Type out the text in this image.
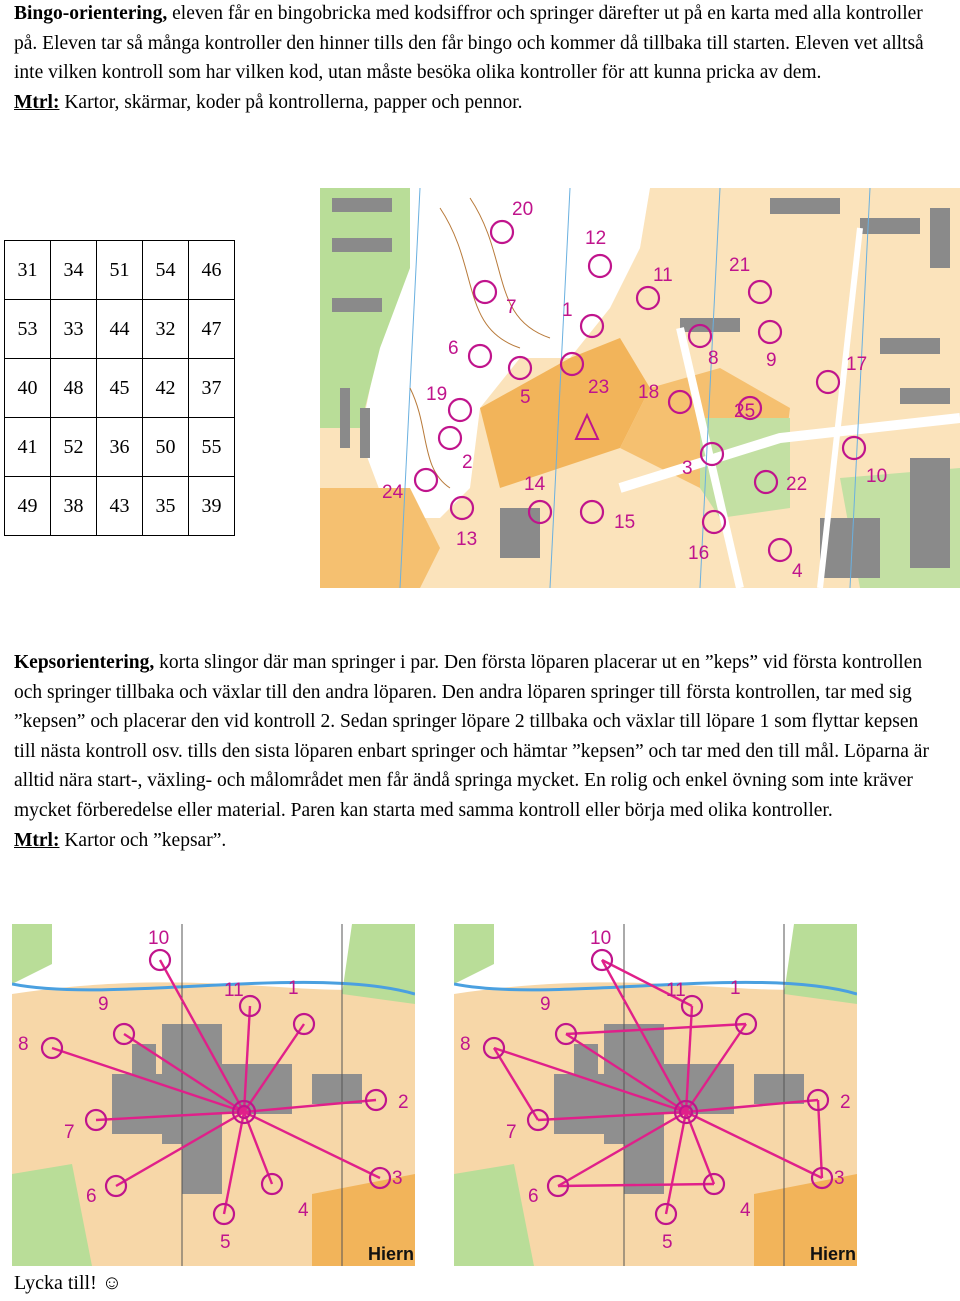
Bingo-orientering, eleven får en bingobricka med kodsiffror och springer därefter ut på en karta med alla kontroller på. Eleven tar så många kontroller den hinner tills den får bingo och kommer då tillbaka till starten. Eleven vet alltså inte vilken kontroll som har vilken kod, utan måste besöka olika kontroller för att kunna pricka av dem.
Mtrl: Kartor, skärmar, koder på kontrollerna, papper och pennor.

31	34	51	54	46
53	33	44	32	47
40	48	45	42	37
41	52	36	50	55
49	38	43	35	39
20
12
11	21
7 1
6	8 9	17
19	5	23 18
25
2	3
24	14	22	10
15
13
16
4

Kepsorientering, korta slingor där man springer i par. Den första löparen placerar ut en ”keps” vid första kontrollen och springer tillbaka och växlar till den andra löparen. Den andra löparen springer till första kontrollen, tar med sig ”kepsen” och placerar den vid kontroll 2. Sedan springer löpare 2 tillbaka och växlar till löpare 1 som flyttar kepsen till nästa kontroll osv. tills den sista löparen enbart springer och hämtar ”kepsen” och tar med den till mål. Löparna är alltid nära start-, växling- och målområdet men får ändå springa mycket. En rolig och enkel övning som inte kräver mycket förberedelse eller material. Paren kan starta med samma kontroll eller börja med olika kontroller.
Mtrl: Kartor och ”kepsar”.

10
11 1
9
8
7
2
3
6
4
5
Hiern
10
11 1
9
8
7
2
3
6
4
5
Hiern

Lycka till! ☺
